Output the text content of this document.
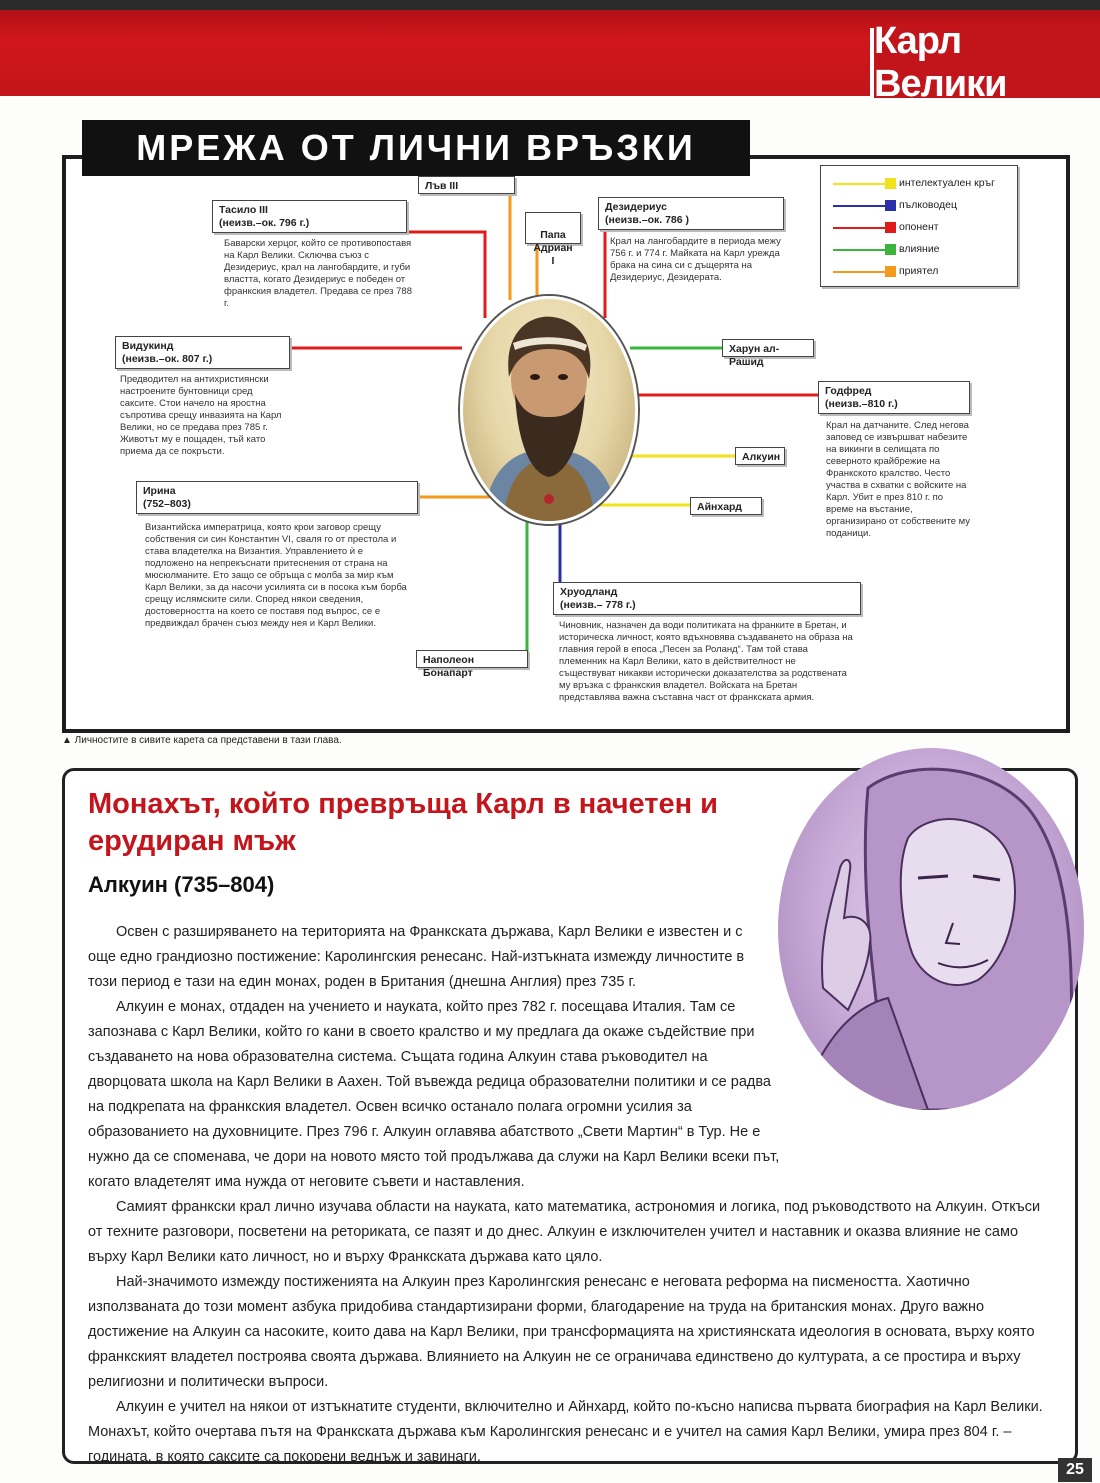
Карл Велики
МРЕЖА ОТ ЛИЧНИ ВРЪЗКИ
интелектуален кръг
пълководец
опонент
влияние
приятел
Лъв III

Папа
Адриан I

Тасило III
(неизв.–ок. 796 г.)
Баварски херцог, който се противопоставя на Карл Велики. Сключва съюз с Дезидериус, крал на лангобардите, и губи властта, когато Дезидериус е победен от франкския владетел. Предава се през 788 г.
Дезидериус
(неизв.–ок. 786 )
Крал на лангобардите в периода межу 756 г. и 774 г. Майката на Карл урежда брака на сина си с дъщерята на Дезидериус, Дезидерата.
Видукинд
(неизв.–ок. 807 г.)
Предводител на антихристиянски настроените бунтовници сред саксите. Стои начело на яростна съпротива срещу инвазията на Карл Велики, но се предава през 785 г. Животът му е пощаден, тъй като приема да се покръсти.
Харун ал-Рашид
Годфред
(неизв.–810 г.)
Крал на датчаните. След негова заповед се извършват набезите на викинги в селищата по северното крайбрежие на Франкското кралство. Често участва в схватки с войските на Карл. Убит е през 810 г. по време на въстание, организирано от собствените му поданици.
Алкуин
Айнхард
Ирина
(752–803)
Византийска императрица, която крои заговор срещу собствения си син Константин VI, сваля го от престола и става владетелка на Византия. Управлението ѝ е подложено на непрекъснати притеснения от страна на мюсюлманите. Ето защо се обръща с молба за мир към Карл Велики, за да насочи усилията си в посока към борба срещу ислямските сили. Според някои сведения, достоверността на което се поставя под въпрос, се е предвиждал брачен съюз между нея и Карл Велики.
Хруодланд
(неизв.– 778 г.)
Чиновник, назначен да води политиката на франките в Бретан, и историческа личност, която вдъхновява създаването на образа на главния герой в епоса „Песен за Роланд“. Там той става племенник на Карл Велики, като в действителност не съществуват никакви исторически доказателства за родствената му връзка с франкския владетел. Войската на Бретан представлява важна съставна част от франкската армия.
Наполеон Бонапарт
▲ Личностите в сивите карета са представени в тази глава.
Монахът, който превръща Карл в начетен и ерудиран мъж
Алкуин (735–804)

Освен с разширяването на територията на Франкската държава, Карл Велики е известен и с още едно грандиозно постижение: Каролингския ренесанс. Най-изтъкната измежду личностите в този период е тази на един монах, роден в Британия (днешна Англия) през 735 г.

Алкуин е монах, отдаден на учението и науката, който през 782 г. посещава Италия. Там се запознава с Карл Велики, който го кани в своето кралство и му предлага да окаже съдействие при създаването на нова образователна система. Същата година Алкуин става ръководител на дворцовата школа на Карл Велики в Аахен. Той въвежда редица образователни политики и се радва на подкрепата на франкския владетел. Освен всичко останало полага огромни усилия за образованието на духовниците. През 796 г. Алкуин оглавява абатството „Свети Мартин“ в Тур. Не е нужно да се споменава, че дори на новото място той продължава да служи на Карл Велики всеки път, когато владетелят има нужда от неговите съвети и наставления.

Самият франкски крал лично изучава области на науката, като математика, астрономия и логика, под ръководството на Алкуин. Откъси от техните разговори, посветени на реториката, се пазят и до днес. Алкуин е изключителен учител и наставник и оказва влияние не само върху Карл Велики като личност, но и върху Франкската държава като цяло.

Най-значимото измежду постиженията на Алкуин през Каролингския ренесанс е неговата реформа на писмеността. Хаотично използваната до този момент азбука придобива стандартизирани форми, благодарение на труда на британския монах. Друго важно достижение на Алкуин са насоките, които дава на Карл Велики, при трансформацията на християнската идеология в основата, върху която франкският владетел построява своята държава. Влиянието на Алкуин не се ограничава единствено до културата, а се простира и върху религиозни и политически въпроси.

Алкуин е учител на някои от изтъкнатите студенти, включително и Айнхард, който по-късно написва първата биография на Карл Велики. Монахът, който очертава пътя на Франкската държава към Каролингския ренесанс и е учител на самия Карл Велики, умира през 804 г. – годината, в която саксите са покорени веднъж и завинаги.

25
